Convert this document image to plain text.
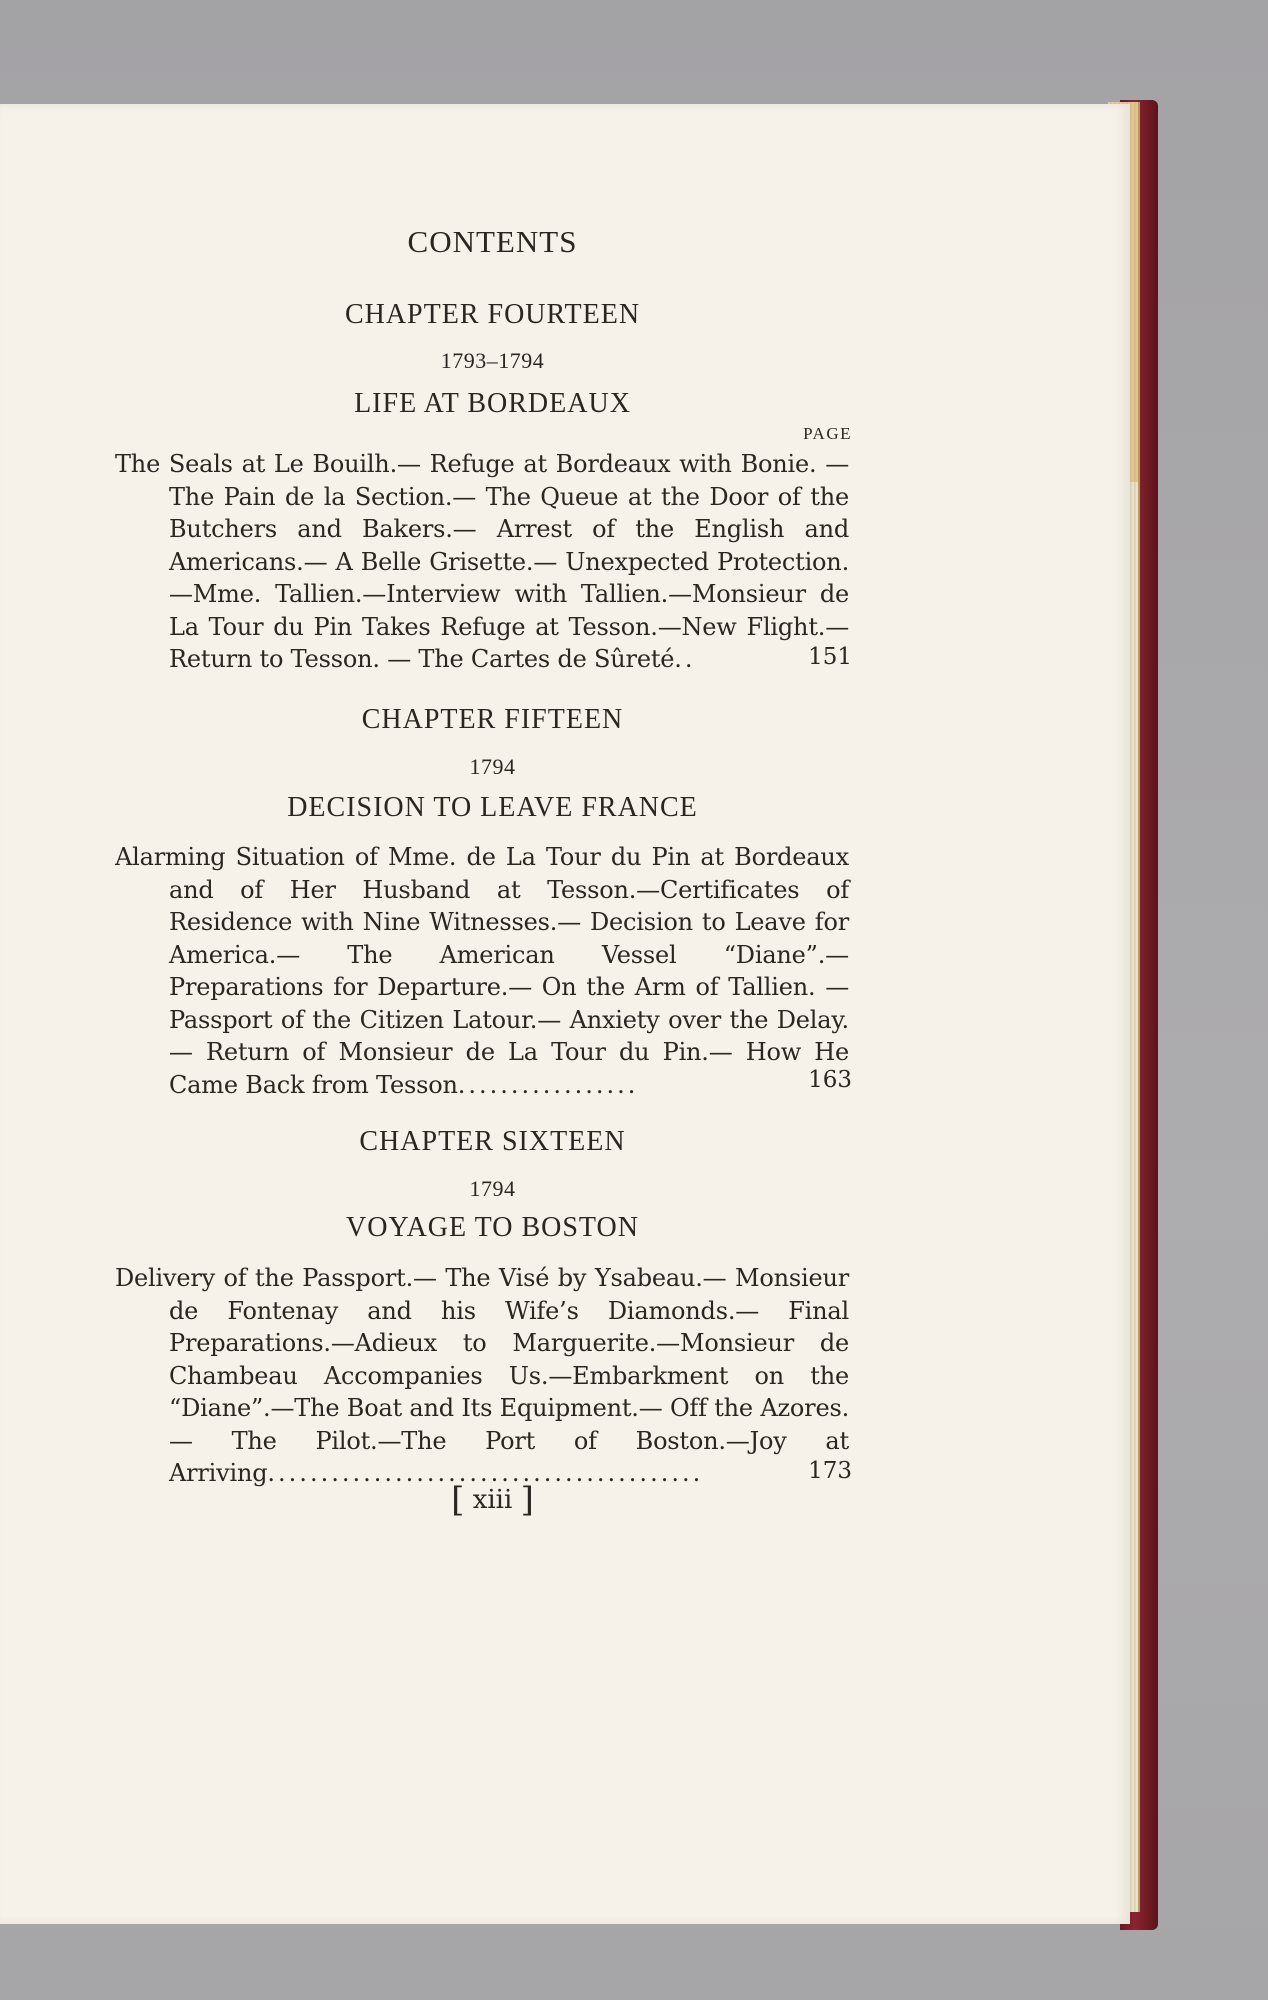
CONTENTS
CHAPTER FOURTEEN
1793–1794
LIFE AT BORDEAUX
PAGE

The Seals at Le Bouilh.— Refuge at Bordeaux with Bonie. —The Pain de la Section.— The Queue at the Door of the Butchers and Bakers.— Arrest of the English and Americans.— A Belle Grisette.— Unexpected Protection.—Mme. Tallien.—Interview with Tallien.—Monsieur de La Tour du Pin Takes Refuge at Tesson.—New Flight.— Return to Tesson. — The Cartes de Sûreté..	151
CHAPTER FIFTEEN
1794
DECISION TO LEAVE FRANCE

Alarming Situation of Mme. de La Tour du Pin at Bordeaux and of Her Husband at Tesson.—Certificates of Residence with Nine Witnesses.— Decision to Leave for America.— The American Vessel “Diane”.— Preparations for Departure.— On the Arm of Tallien. — Passport of the Citizen Latour.— Anxiety over the Delay.— Return of Monsieur de La Tour du Pin.— How He Came Back from Tesson.................	163
CHAPTER SIXTEEN
1794
VOYAGE TO BOSTON

Delivery of the Passport.— The Visé by Ysabeau.— Monsieur de Fontenay and his Wife’s Diamonds.— Final Preparations.—Adieux to Marguerite.—Monsieur de Chambeau Accompanies Us.—Embarkment on the “Diane”.—The Boat and Its Equipment.— Off the Azores.— The Pilot.—The Port of Boston.—Joy at Arriving.........................................	173
[ xiii ]
